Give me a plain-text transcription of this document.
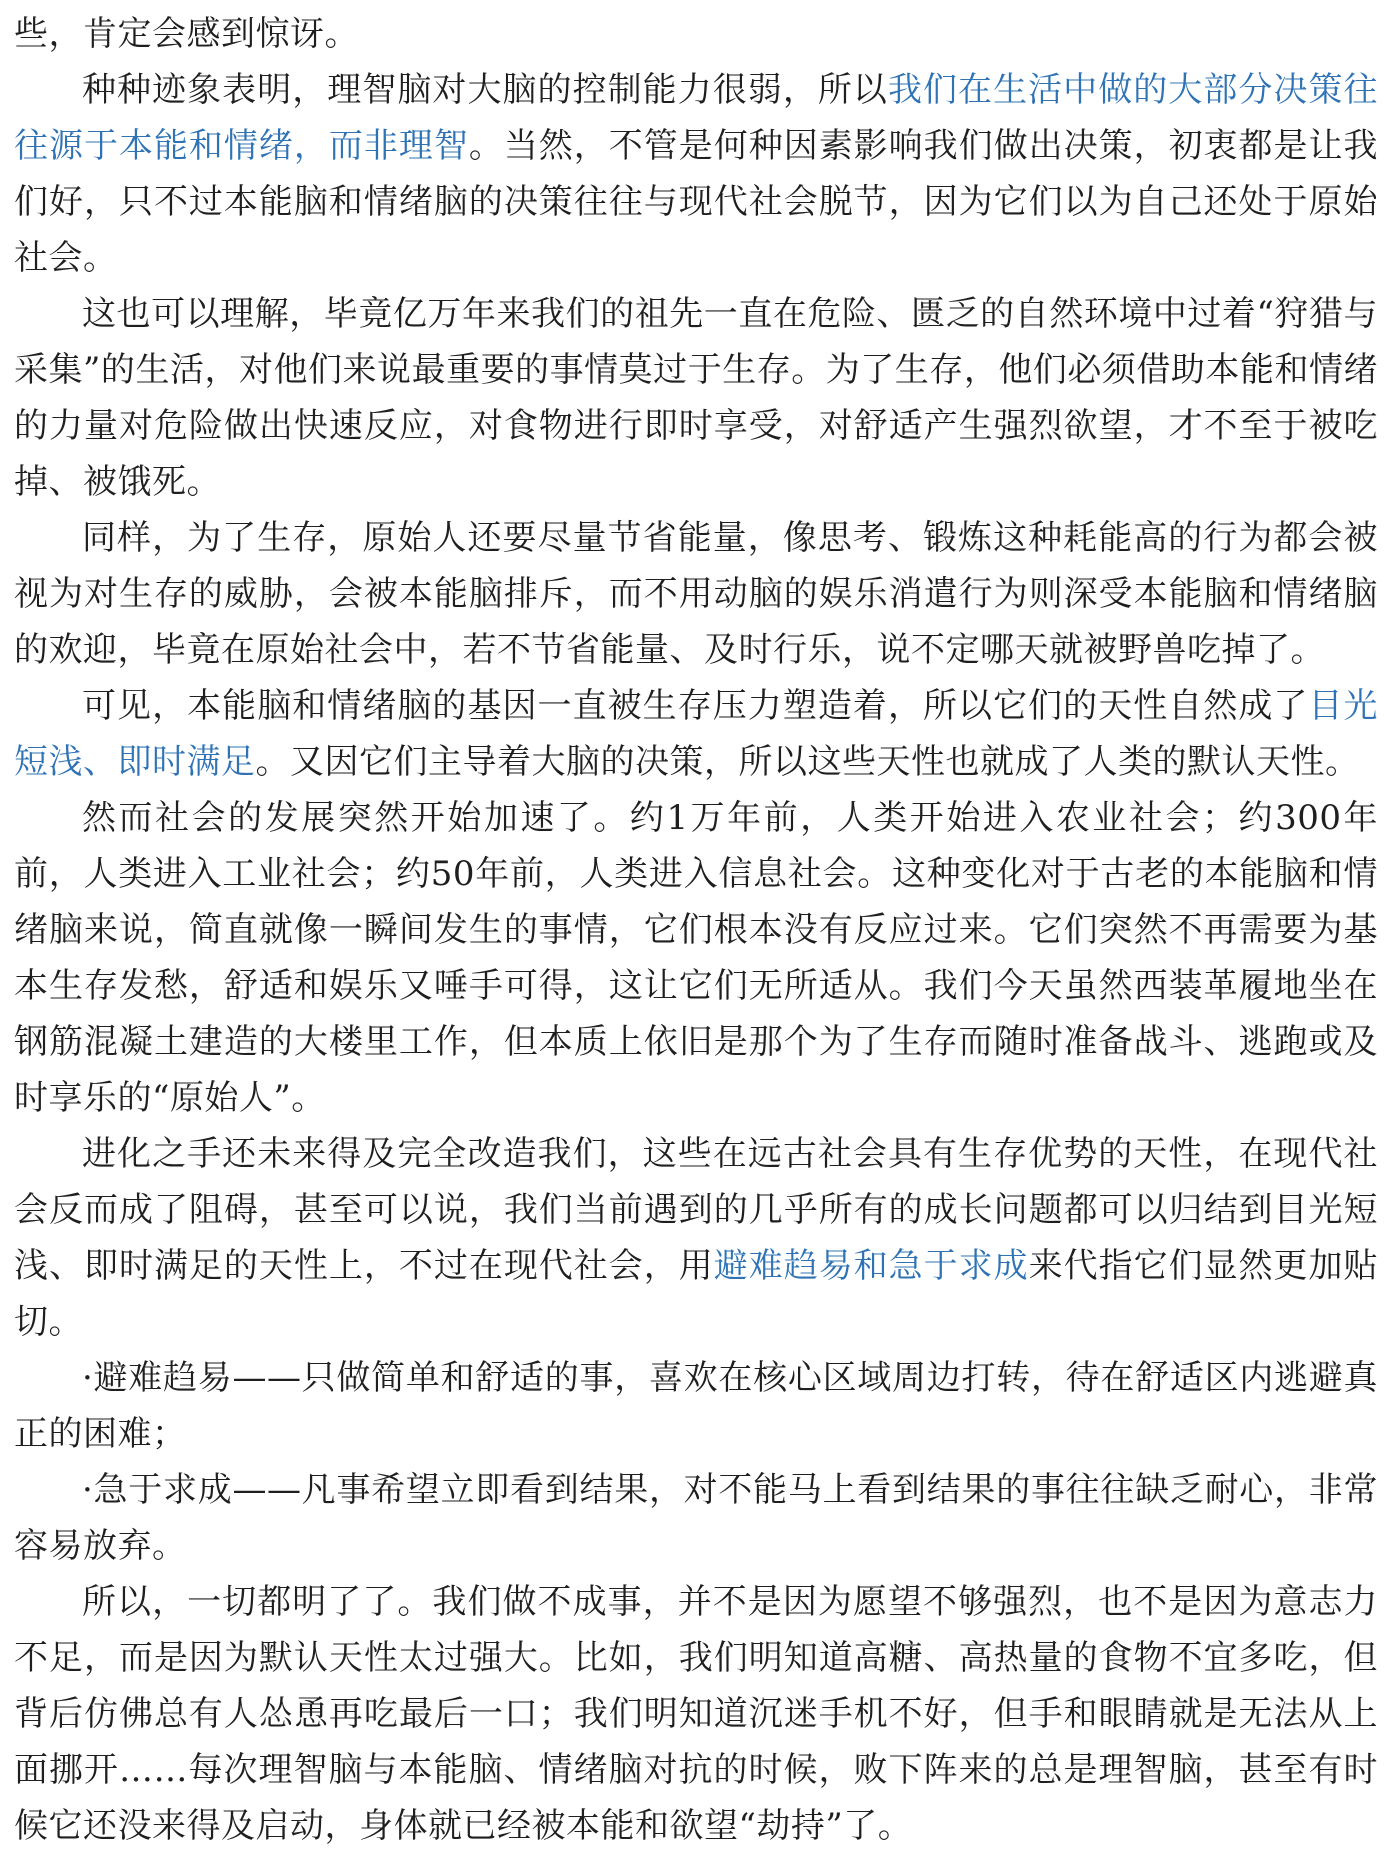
些，肯定会感到惊讶。

种种迹象表明，理智脑对大脑的控制能力很弱，所以我们在生活中做的大部分决策往往源于本能和情绪，而非理智。当然，不管是何种因素影响我们做出决策，初衷都是让我们好，只不过本能脑和情绪脑的决策往往与现代社会脱节，因为它们以为自己还处于原始社会。

这也可以理解，毕竟亿万年来我们的祖先一直在危险、匮乏的自然环境中过着“狩猎与采集”的生活，对他们来说最重要的事情莫过于生存。为了生存，他们必须借助本能和情绪的力量对危险做出快速反应，对食物进行即时享受，对舒适产生强烈欲望，才不至于被吃掉、被饿死。

同样，为了生存，原始人还要尽量节省能量，像思考、锻炼这种耗能高的行为都会被视为对生存的威胁，会被本能脑排斥，而不用动脑的娱乐消遣行为则深受本能脑和情绪脑的欢迎，毕竟在原始社会中，若不节省能量、及时行乐，说不定哪天就被野兽吃掉了。

可见，本能脑和情绪脑的基因一直被生存压力塑造着，所以它们的天性自然成了目光短浅、即时满足。又因它们主导着大脑的决策，所以这些天性也就成了人类的默认天性。

然而社会的发展突然开始加速了。约1万年前，人类开始进入农业社会；约300年前，人类进入工业社会；约50年前，人类进入信息社会。这种变化对于古老的本能脑和情绪脑来说，简直就像一瞬间发生的事情，它们根本没有反应过来。它们突然不再需要为基本生存发愁，舒适和娱乐又唾手可得，这让它们无所适从。我们今天虽然西装革履地坐在钢筋混凝土建造的大楼里工作，但本质上依旧是那个为了生存而随时准备战斗、逃跑或及时享乐的“原始人”。

进化之手还未来得及完全改造我们，这些在远古社会具有生存优势的天性，在现代社会反而成了阻碍，甚至可以说，我们当前遇到的几乎所有的成长问题都可以归结到目光短浅、即时满足的天性上，不过在现代社会，用避难趋易和急于求成来代指它们显然更加贴切。

·避难趋易——只做简单和舒适的事，喜欢在核心区域周边打转，待在舒适区内逃避真正的困难；

·急于求成——凡事希望立即看到结果，对不能马上看到结果的事往往缺乏耐心，非常容易放弃。

所以，一切都明了了。我们做不成事，并不是因为愿望不够强烈，也不是因为意志力不足，而是因为默认天性太过强大。比如，我们明知道高糖、高热量的食物不宜多吃，但背后仿佛总有人怂恿再吃最后一口；我们明知道沉迷手机不好，但手和眼睛就是无法从上面挪开……每次理智脑与本能脑、情绪脑对抗的时候，败下阵来的总是理智脑，甚至有时候它还没来得及启动，身体就已经被本能和欲望“劫持”了。
